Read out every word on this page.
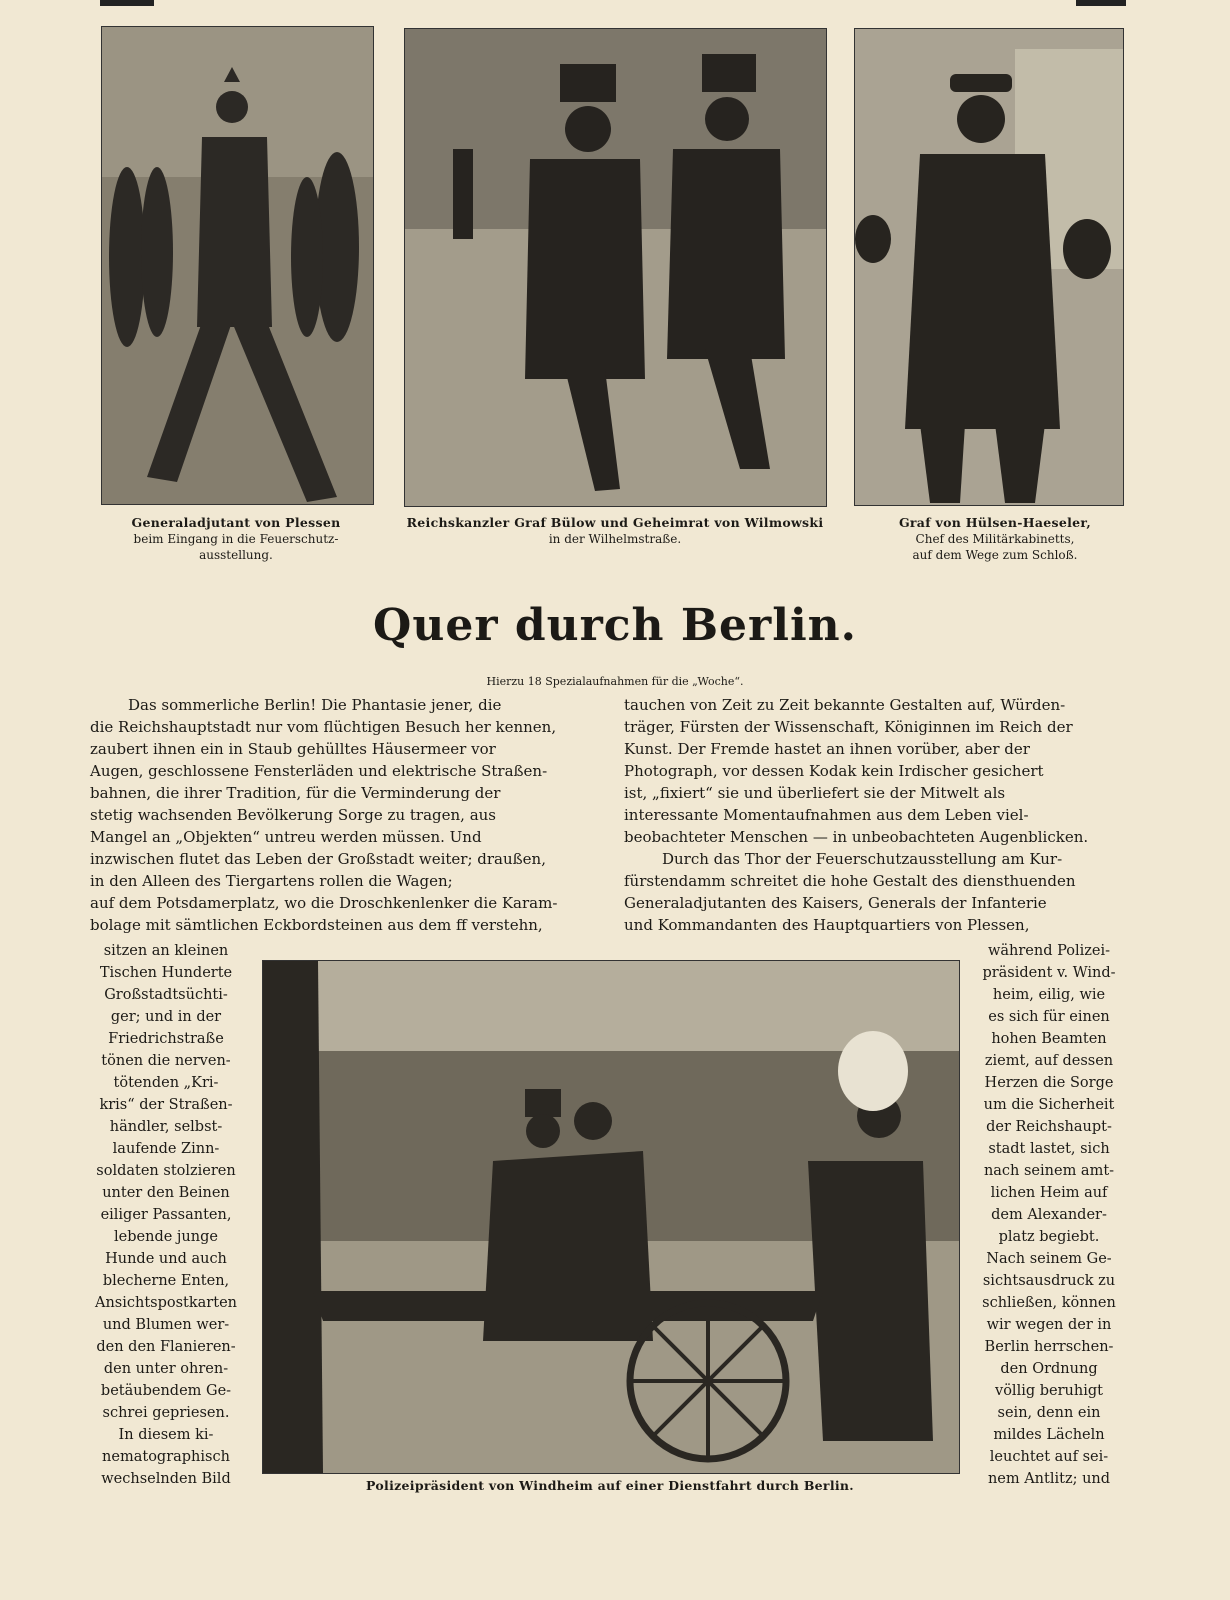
Generaladjutant von Plessen
beim Eingang in die Feuerschutz-
ausstellung.
Reichskanzler Graf Bülow und Geheimrat von Wilmowski
in der Wilhelmstraße.
Graf von Hülsen-Haeseler,
Chef des Militärkabinetts,
auf dem Wege zum Schloß.
Quer durch Berlin.
Hierzu 18 Spezialaufnahmen für die „Woche“.
Das sommerliche Berlin! Die Phantasie jener, die
die Reichshauptstadt nur vom flüchtigen Besuch her kennen,
zaubert ihnen ein in Staub gehülltes Häusermeer vor
Augen, geschlossene Fensterläden und elektrische Straßen-
bahnen, die ihrer Tradition, für die Verminderung der
stetig wachsenden Bevölkerung Sorge zu tragen, aus
Mangel an „Objekten“ untreu werden müssen. Und
inzwischen flutet das Leben der Großstadt weiter; draußen,
in den Alleen des Tiergartens rollen die Wagen;
auf dem Potsdamerplatz, wo die Droschkenlenker die Karam-
bolage mit sämtlichen Eckbordsteinen aus dem ff verstehn,
tauchen von Zeit zu Zeit bekannte Gestalten auf, Würden-
träger, Fürsten der Wissenschaft, Königinnen im Reich der
Kunst. Der Fremde hastet an ihnen vorüber, aber der
Photograph, vor dessen Kodak kein Irdischer gesichert
ist, „fixiert“ sie und überliefert sie der Mitwelt als
interessante Momentaufnahmen aus dem Leben viel-
beobachteter Menschen — in unbeobachteten Augenblicken.
Durch das Thor der Feuerschutzausstellung am Kur-
fürstendamm schreitet die hohe Gestalt des diensthuenden
Generaladjutanten des Kaisers, Generals der Infanterie
und Kommandanten des Hauptquartiers von Plessen,
sitzen an kleinen
Tischen Hunderte
Großstadtsüchti-
ger; und in der
Friedrichstraße
tönen die nerven-
tötenden „Kri-
kris“ der Straßen-
händler, selbst-
laufende Zinn-
soldaten stolzieren
unter den Beinen
eiliger Passanten,
lebende junge
Hunde und auch
blecherne Enten,
Ansichtspostkarten
und Blumen wer-
den den Flanieren-
den unter ohren-
betäubendem Ge-
schrei gepriesen.
In diesem ki-
nematographisch
wechselnden Bild	Polizeipräsident von Windheim auf einer Dienstfahrt durch Berlin.
während Polizei-
präsident v. Wind-
heim, eilig, wie
es sich für einen
hohen Beamten
ziemt, auf dessen
Herzen die Sorge
um die Sicherheit
der Reichshaupt-
stadt lastet, sich
nach seinem amt-
lichen Heim auf
dem Alexander-
platz begiebt.
Nach seinem Ge-
sichtsausdruck zu
schließen, können
wir wegen der in
Berlin herrschen-
den Ordnung
völlig beruhigt
sein, denn ein
mildes Lächeln
leuchtet auf sei-
nem Antlitz; und
